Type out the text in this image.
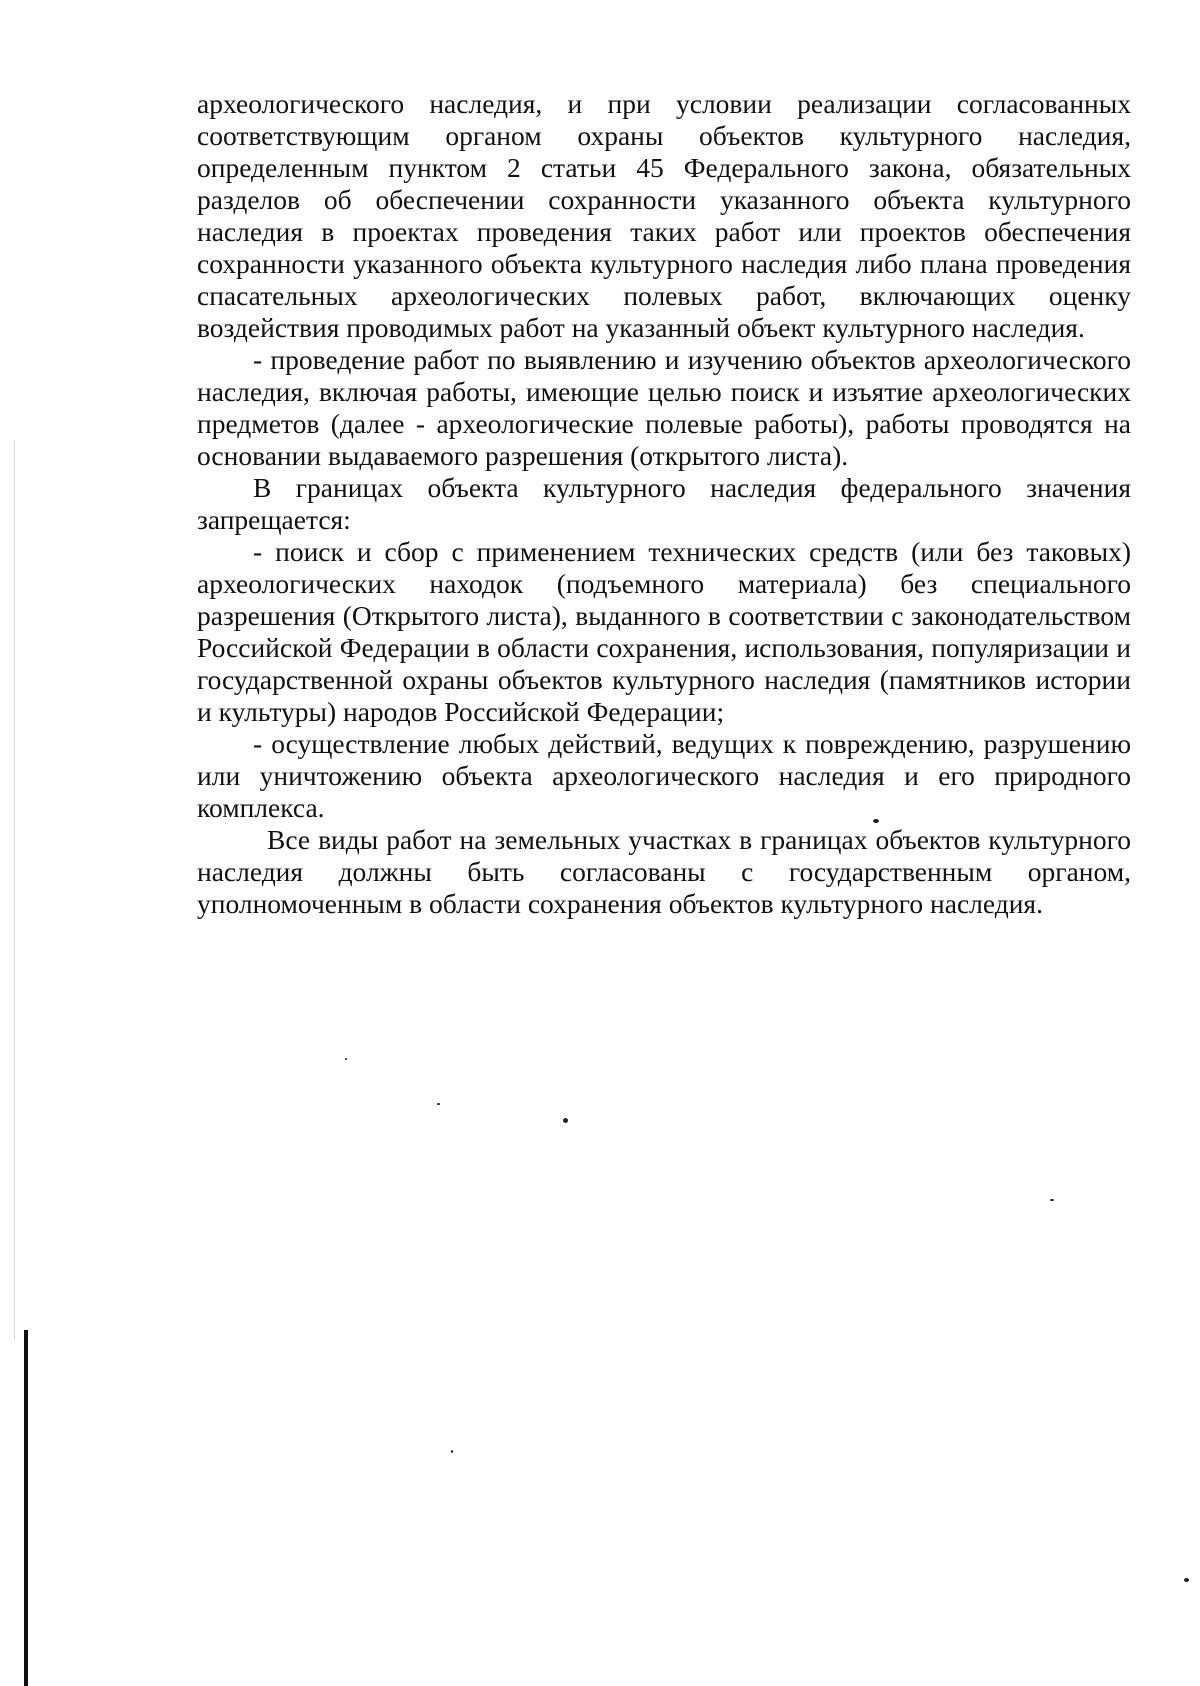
археологического наследия, и при условии реализации согласованных соответствующим органом охраны объектов культурного наследия, определенным пунктом 2 статьи 45 Федерального закона, обязательных разделов об обеспечении сохранности указанного объекта культурного наследия в проектах проведения таких работ или проектов обеспечения сохранности указанного объекта культурного наследия либо плана проведения спасательных археологических полевых работ, включающих оценку воздействия проводимых работ на указанный объект культурного наследия.

- проведение работ по выявлению и изучению объектов археологического наследия, включая работы, имеющие целью поиск и изъятие археологических предметов (далее - археологические полевые работы), работы проводятся на основании выдаваемого разрешения (открытого листа).

В границах объекта культурного наследия федерального значения запрещается:

- поиск и сбор с применением технических средств (или без таковых) археологических находок (подъемного материала) без специального разрешения (Открытого листа), выданного в соответствии с законодательством Российской Федерации в области сохранения, использования, популяризации и государственной охраны объектов культурного наследия (памятников истории и культуры) народов Российской Федерации;

- осуществление любых действий, ведущих к повреждению, разрушению или уничтожению объекта археологического наследия и его природного комплекса.

Все виды работ на земельных участках в границах объектов культурного наследия должны быть согласованы с государственным органом, уполномоченным в области сохранения объектов культурного наследия.
